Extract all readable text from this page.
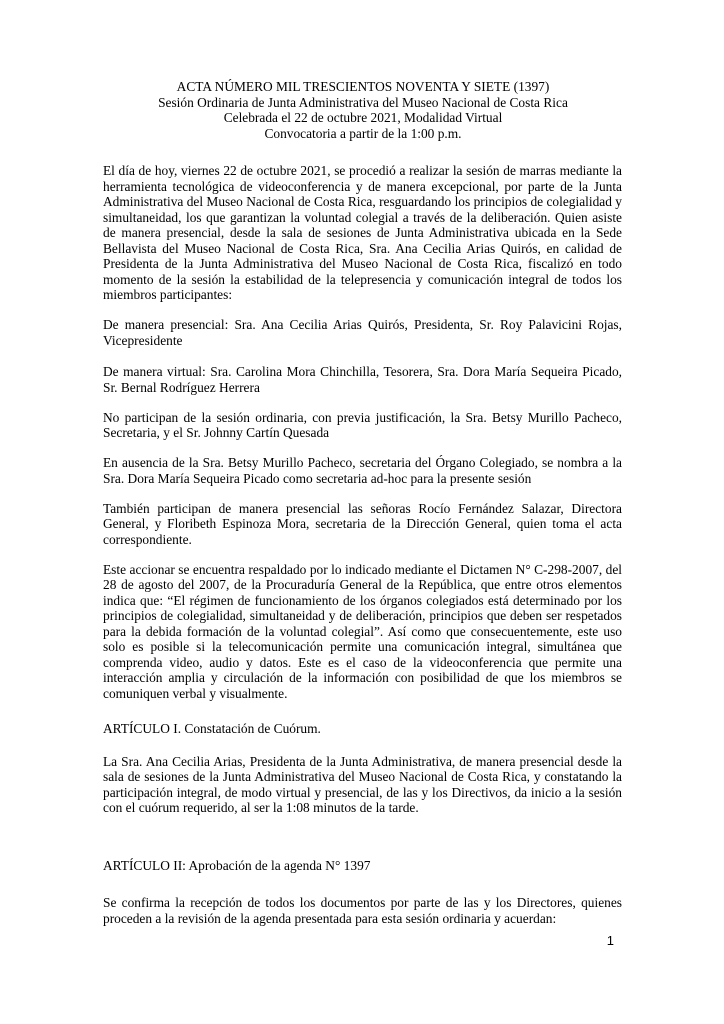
ACTA NÚMERO MIL TRESCIENTOS NOVENTA Y SIETE (1397)
Sesión Ordinaria de Junta Administrativa del Museo Nacional de Costa Rica
Celebrada el 22 de octubre 2021, Modalidad Virtual
Convocatoria a partir de la 1:00 p.m.

El día de hoy, viernes 22 de octubre 2021, se procedió a realizar la sesión de marras mediante la herramienta tecnológica de videoconferencia y de manera excepcional, por parte de la Junta Administrativa del Museo Nacional de Costa Rica, resguardando los principios de colegialidad y simultaneidad, los que garantizan la voluntad colegial a través de la deliberación. Quien asiste de manera presencial, desde la sala de sesiones de Junta Administrativa ubicada en la Sede Bellavista del Museo Nacional de Costa Rica, Sra. Ana Cecilia Arias Quirós, en calidad de Presidenta de la Junta Administrativa del Museo Nacional de Costa Rica, fiscalizó en todo momento de la sesión la estabilidad de la telepresencia y comunicación integral de todos los miembros participantes:

De manera presencial: Sra. Ana Cecilia Arias Quirós, Presidenta, Sr. Roy Palavicini Rojas, Vicepresidente

De manera virtual: Sra. Carolina Mora Chinchilla, Tesorera, Sra. Dora María Sequeira Picado, Sr. Bernal Rodríguez Herrera

No participan de la sesión ordinaria, con previa justificación, la Sra. Betsy Murillo Pacheco, Secretaria, y el Sr. Johnny Cartín Quesada

En ausencia de la Sra. Betsy Murillo Pacheco, secretaria del Órgano Colegiado, se nombra a la Sra. Dora María Sequeira Picado como secretaria ad-hoc para la presente sesión

También participan de manera presencial las señoras Rocío Fernández Salazar, Directora General, y Floribeth Espinoza Mora, secretaria de la Dirección General, quien toma el acta correspondiente.

Este accionar se encuentra respaldado por lo indicado mediante el Dictamen N° C-298-2007, del 28 de agosto del 2007, de la Procuraduría General de la República, que entre otros elementos indica que: “El régimen de funcionamiento de los órganos colegiados está determinado por los principios de colegialidad, simultaneidad y de deliberación, principios que deben ser respetados para la debida formación de la voluntad colegial”. Así como que consecuentemente, este uso solo es posible si la telecomunicación permite una comunicación integral, simultánea que comprenda video, audio y datos. Este es el caso de la videoconferencia que permite una interacción amplia y circulación de la información con posibilidad de que los miembros se comuniquen verbal y visualmente.

ARTÍCULO I. Constatación de Cuórum.

La Sra. Ana Cecilia Arias, Presidenta de la Junta Administrativa, de manera presencial desde la sala de sesiones de la Junta Administrativa del Museo Nacional de Costa Rica, y constatando la participación integral, de modo virtual y presencial, de las y los Directivos, da inicio a la sesión con el cuórum requerido, al ser la 1:08 minutos de la tarde.

ARTÍCULO II: Aprobación de la agenda N° 1397

Se confirma la recepción de todos los documentos por parte de las y los Directores, quienes proceden a la revisión de la agenda presentada para esta sesión ordinaria y acuerdan:

1
